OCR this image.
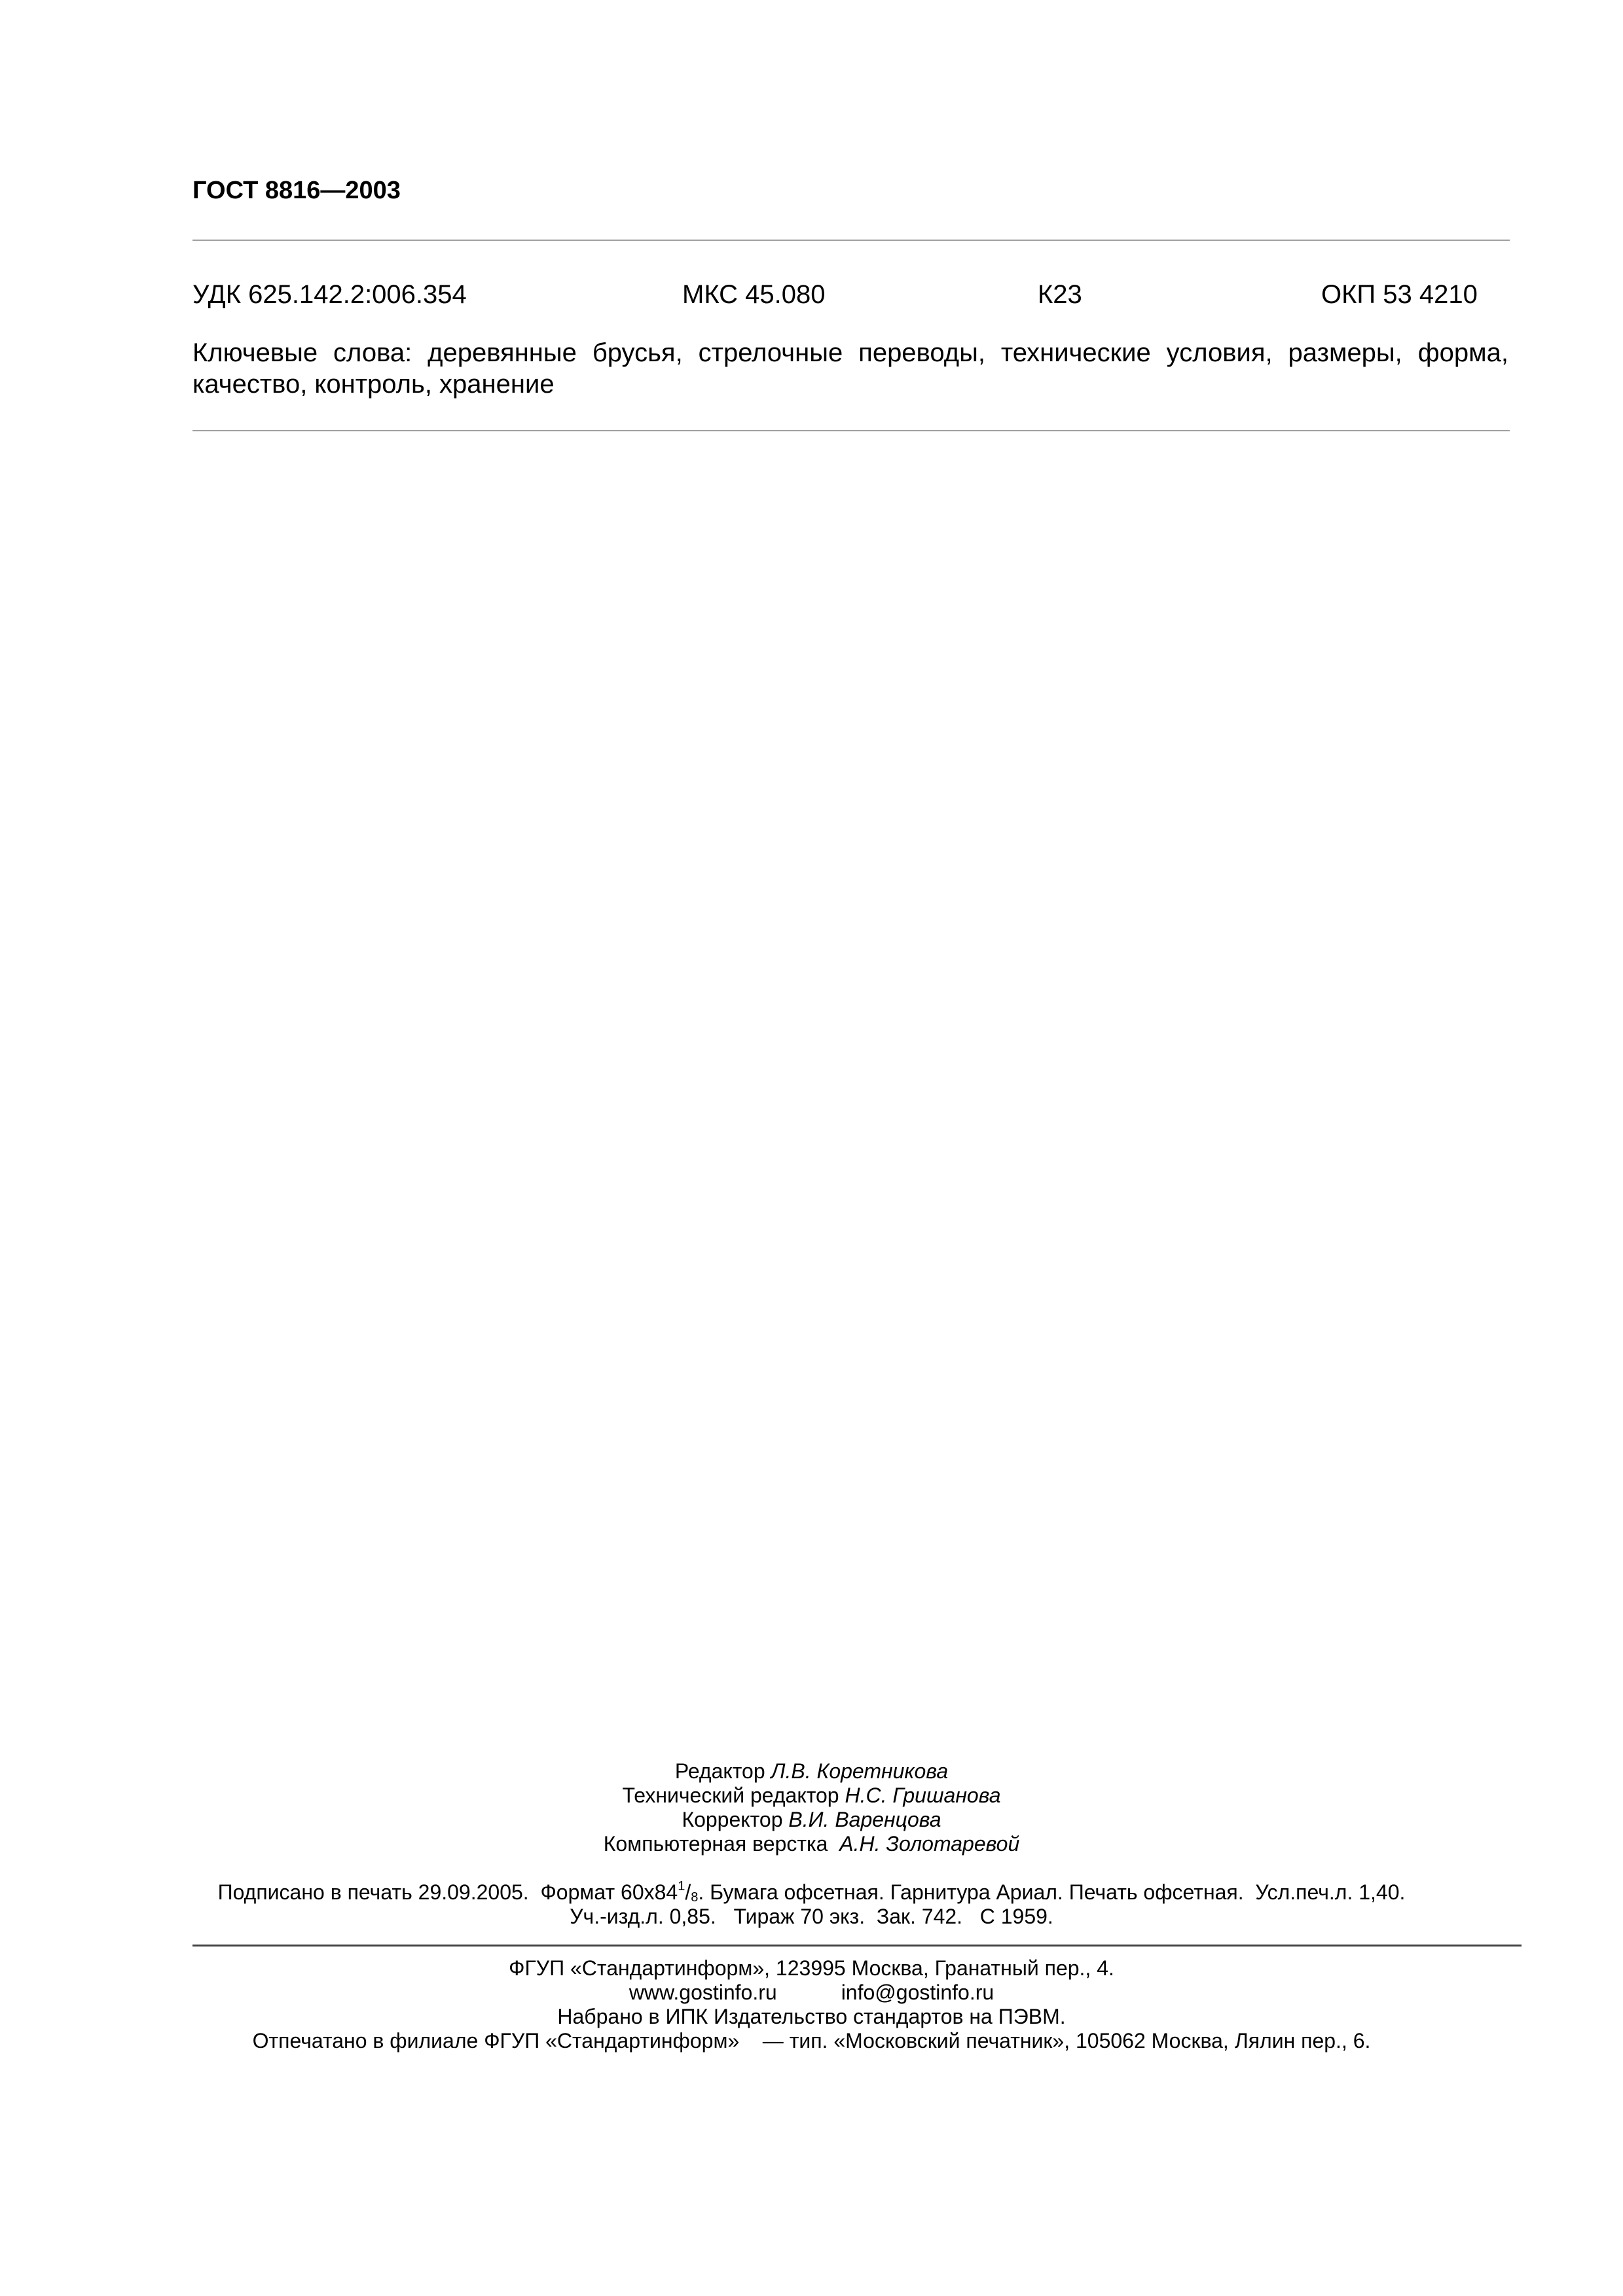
ГОСТ 8816—2003
УДК 625.142.2:006.354	МКС 45.080	К23	ОКП 53 4210
Ключевые слова: деревянные брусья, стрелочные переводы, технические условия, размеры, форма, качество, контроль, хранение
Редактор Л.В. Коретникова
Технический редактор Н.С. Гришанова
Корректор В.И. Варенцова
Компьютерная верстка  А.Н. Золотаревой
Подписано в печать 29.09.2005.  Формат $60х84^1/_8$. Бумага офсетная. Гарнитура Ариал. Печать офсетная.  Усл.печ.л. 1,40.
Уч.-изд.л. 0,85.   Тираж 70 экз.  Зак. 742.   С 1959.
ФГУП «Стандартинформ», 123995 Москва, Гранатный пер., 4.
www.gostinfo.ru	info@gostinfo.ru
Набрано в ИПК Издательство стандартов на ПЭВМ.
Отпечатано в филиале ФГУП «Стандартинформ»    — тип. «Московский печатник», 105062 Москва, Лялин пер., 6.
